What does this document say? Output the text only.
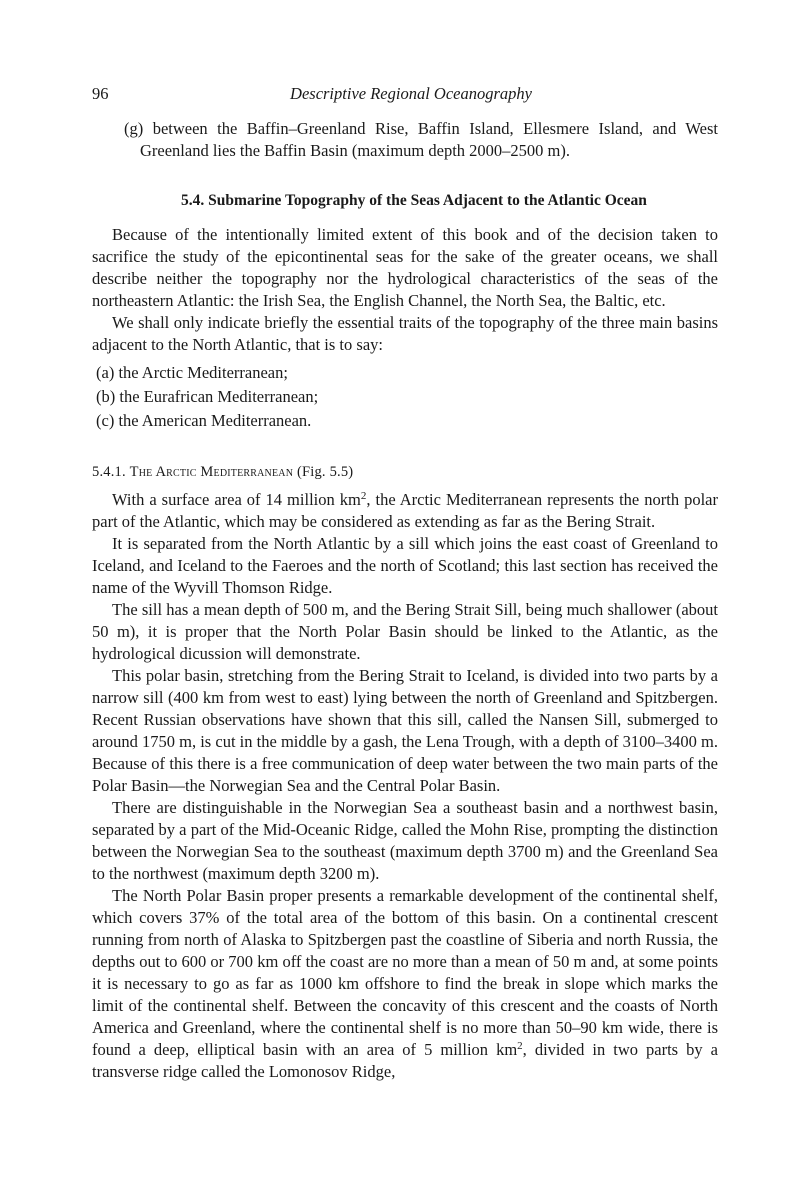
96	Descriptive Regional Oceanography
(g) between the Baffin–Greenland Rise, Baffin Island, Ellesmere Island, and West Greenland lies the Baffin Basin (maximum depth 2000–2500 m).
5.4. Submarine Topography of the Seas Adjacent to the Atlantic Ocean

Because of the intentionally limited extent of this book and of the decision taken to sacrifice the study of the epicontinental seas for the sake of the greater oceans, we shall describe neither the topography nor the hydrological characteristics of the seas of the northeastern Atlantic: the Irish Sea, the English Channel, the North Sea, the Baltic, etc.

We shall only indicate briefly the essential traits of the topography of the three main basins adjacent to the North Atlantic, that is to say:

(a) the Arctic Mediterranean;
(b) the Eurafrican Mediterranean;
(c) the American Mediterranean.
5.4.1. The Arctic Mediterranean (Fig. 5.5)

With a surface area of 14 million $km^2$, the Arctic Mediterranean represents the north polar part of the Atlantic, which may be considered as extending as far as the Bering Strait.

It is separated from the North Atlantic by a sill which joins the east coast of Greenland to Iceland, and Iceland to the Faeroes and the north of Scotland; this last section has received the name of the Wyvill Thomson Ridge.

The sill has a mean depth of 500 m, and the Bering Strait Sill, being much shallower (about 50 m), it is proper that the North Polar Basin should be linked to the Atlantic, as the hydrological dicussion will demonstrate.

This polar basin, stretching from the Bering Strait to Iceland, is divided into two parts by a narrow sill (400 km from west to east) lying between the north of Greenland and Spitzbergen. Recent Russian observations have shown that this sill, called the Nansen Sill, submerged to around 1750 m, is cut in the middle by a gash, the Lena Trough, with a depth of 3100–3400 m. Because of this there is a free communication of deep water between the two main parts of the Polar Basin—the Norwegian Sea and the Central Polar Basin.

There are distinguishable in the Norwegian Sea a southeast basin and a northwest basin, separated by a part of the Mid-Oceanic Ridge, called the Mohn Rise, prompting the distinction between the Norwegian Sea to the southeast (maximum depth 3700 m) and the Greenland Sea to the northwest (maximum depth 3200 m).

The North Polar Basin proper presents a remarkable development of the continental shelf, which covers 37% of the total area of the bottom of this basin. On a continental crescent running from north of Alaska to Spitzbergen past the coastline of Siberia and north Russia, the depths out to 600 or 700 km off the coast are no more than a mean of 50 m and, at some points it is necessary to go as far as 1000 km offshore to find the break in slope which marks the limit of the continental shelf. Between the concavity of this crescent and the coasts of North America and Greenland, where the continental shelf is no more than 50–90 km wide, there is found a deep, elliptical basin with an area of 5 million $km^2$, divided in two parts by a transverse ridge called the Lomonosov Ridge,
